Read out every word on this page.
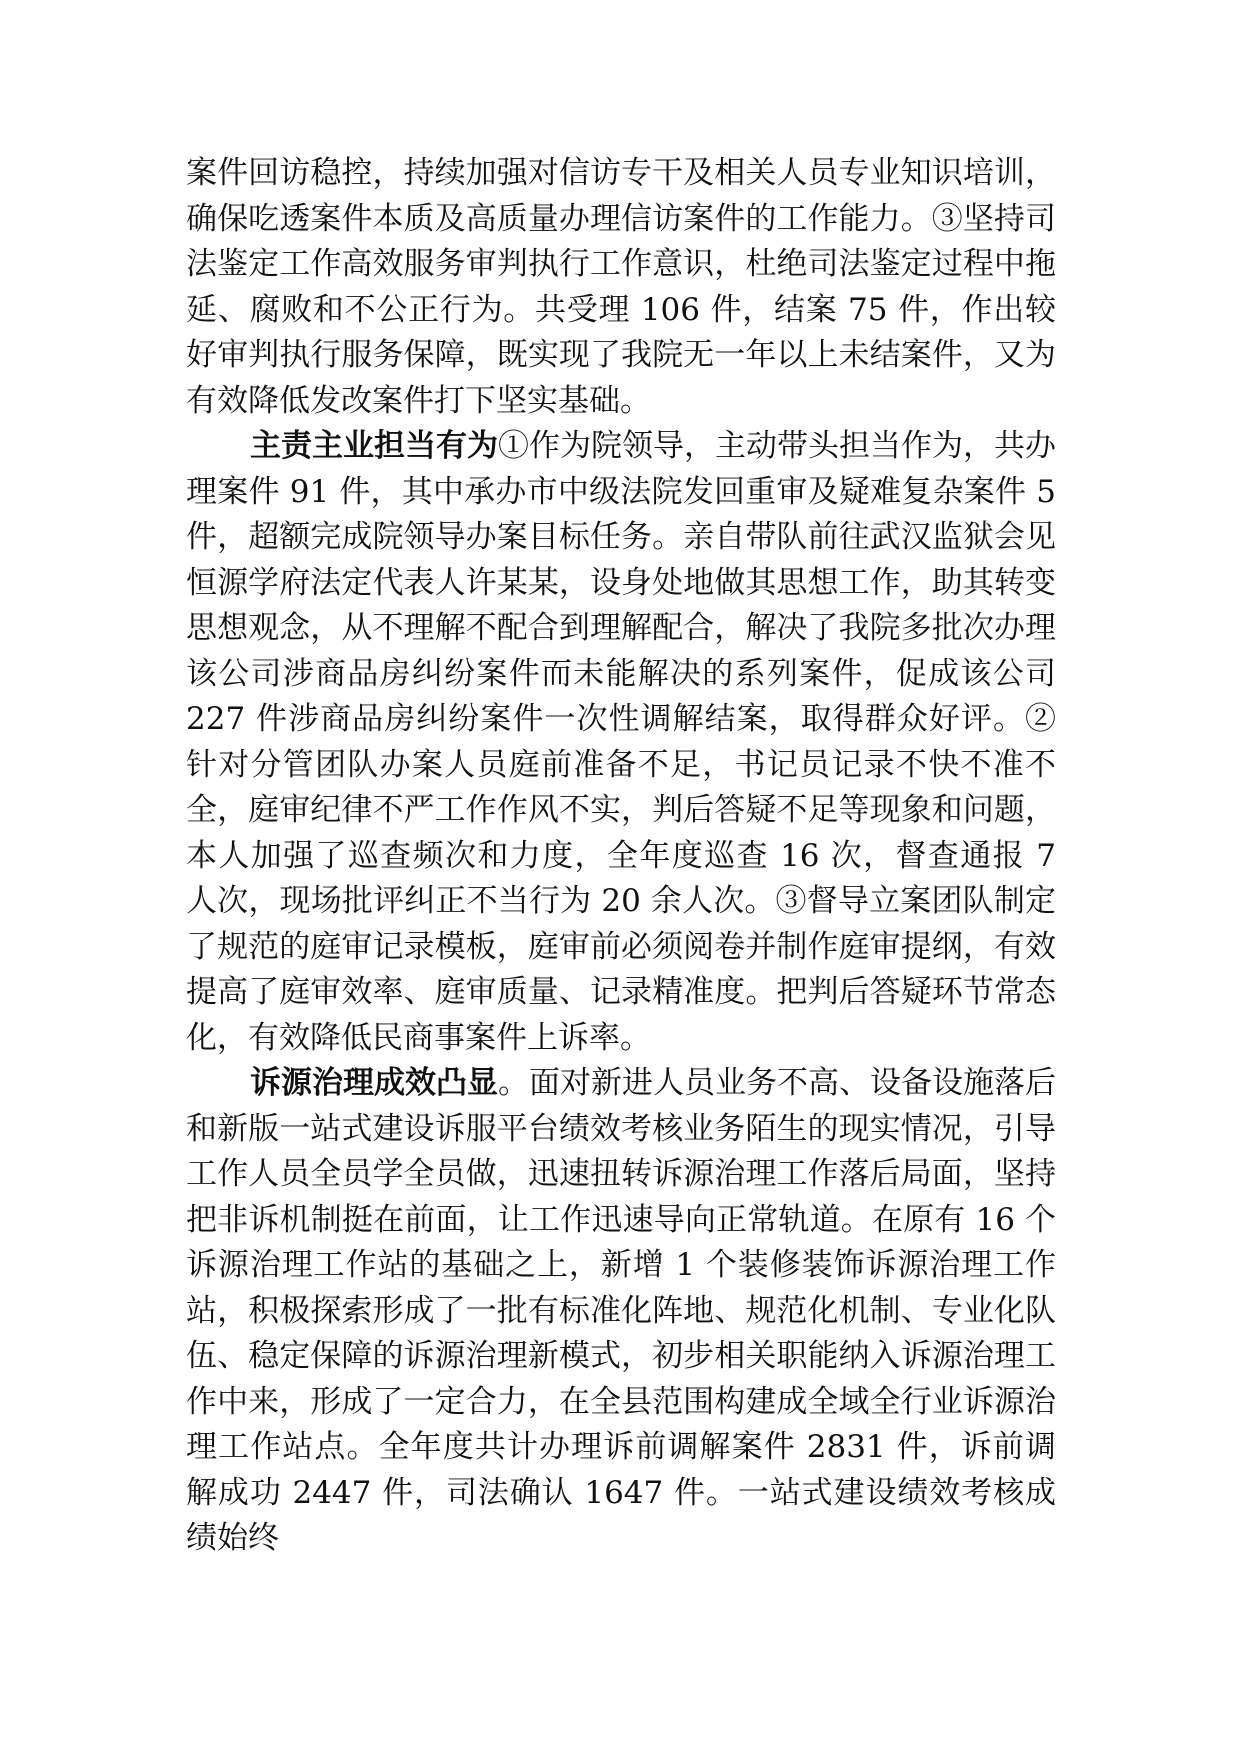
案件回访稳控，持续加强对信访专干及相关人员专业知识培训，确保吃透案件本质及高质量办理信访案件的工作能力。③坚持司法鉴定工作高效服务审判执行工作意识，杜绝司法鉴定过程中拖延、腐败和不公正行为。共受理 106 件，结案 75 件，作出较好审判执行服务保障，既实现了我院无一年以上未结案件，又为有效降低发改案件打下坚实基础。

主责主业担当有为①作为院领导，主动带头担当作为，共办理案件 91 件，其中承办市中级法院发回重审及疑难复杂案件 5 件，超额完成院领导办案目标任务。亲自带队前往武汉监狱会见恒源学府法定代表人许某某，设身处地做其思想工作，助其转变思想观念，从不理解不配合到理解配合，解决了我院多批次办理该公司涉商品房纠纷案件而未能解决的系列案件，促成该公司 227 件涉商品房纠纷案件一次性调解结案，取得群众好评。②针对分管团队办案人员庭前准备不足，书记员记录不快不准不全，庭审纪律不严工作作风不实，判后答疑不足等现象和问题，本人加强了巡查频次和力度，全年度巡查 16 次，督查通报 7 人次，现场批评纠正不当行为 20 余人次。③督导立案团队制定了规范的庭审记录模板，庭审前必须阅卷并制作庭审提纲，有效提高了庭审效率、庭审质量、记录精准度。把判后答疑环节常态化，有效降低民商事案件上诉率。

诉源治理成效凸显。面对新进人员业务不高、设备设施落后和新版一站式建设诉服平台绩效考核业务陌生的现实情况，引导工作人员全员学全员做，迅速扭转诉源治理工作落后局面，坚持把非诉机制挺在前面，让工作迅速导向正常轨道。在原有 16 个诉源治理工作站的基础之上，新增 1 个装修装饰诉源治理工作站，积极探索形成了一批有标准化阵地、规范化机制、专业化队伍、稳定保障的诉源治理新模式，初步相关职能纳入诉源治理工作中来，形成了一定合力，在全县范围构建成全域全行业诉源治理工作站点。全年度共计办理诉前调解案件 2831 件，诉前调解成功 2447 件，司法确认 1647 件。一站式建设绩效考核成绩始终
